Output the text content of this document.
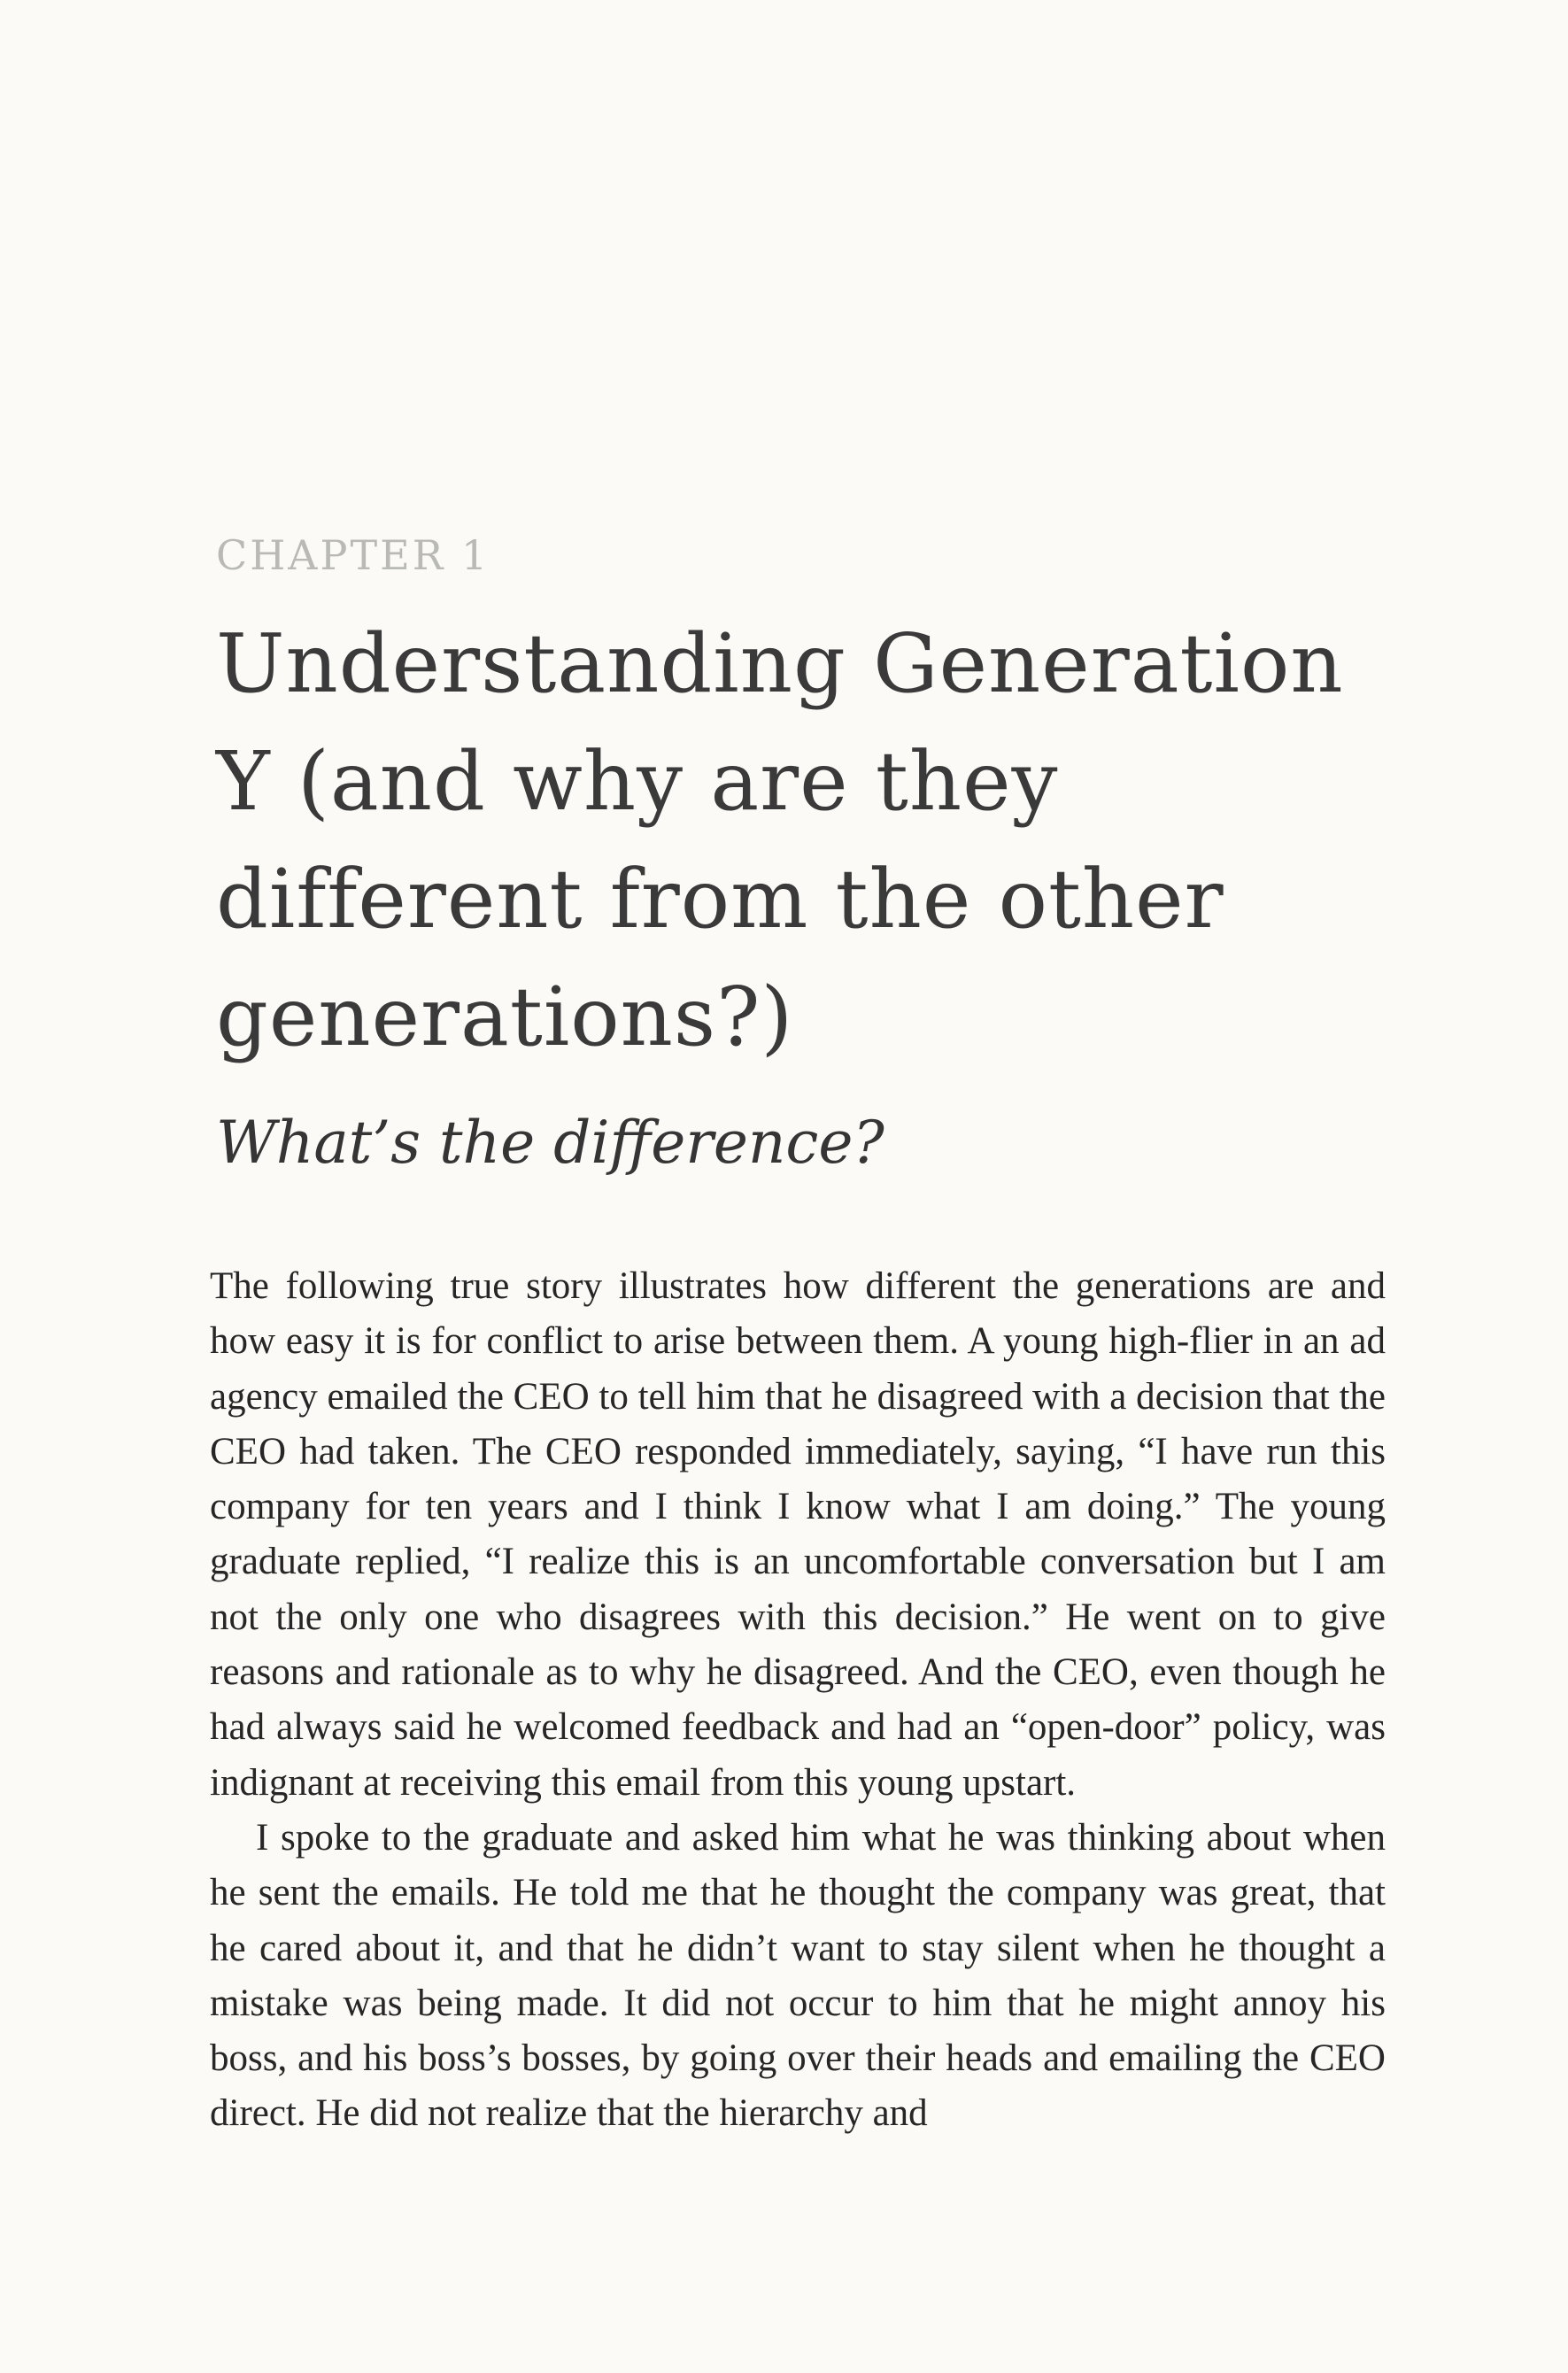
CHAPTER 1
Understanding Generation Y (and why are they different from the other generations?)
What’s the difference?

The following true story illustrates how different the generations are and how easy it is for conflict to arise between them. A young high-flier in an ad agency emailed the CEO to tell him that he disagreed with a decision that the CEO had taken. The CEO responded immediately, saying, “I have run this company for ten years and I think I know what I am doing.” The young graduate replied, “I realize this is an uncomfortable conversation but I am not the only one who disagrees with this decision.” He went on to give reasons and rationale as to why he disagreed. And the CEO, even though he had always said he welcomed feedback and had an “open-door” policy, was indignant at receiving this email from this young upstart.

I spoke to the graduate and asked him what he was thinking about when he sent the emails. He told me that he thought the company was great, that he cared about it, and that he didn’t want to stay silent when he thought a mistake was being made. It did not occur to him that he might annoy his boss, and his boss’s bosses, by going over their heads and emailing the CEO direct. He did not realize that the hierarchy and
